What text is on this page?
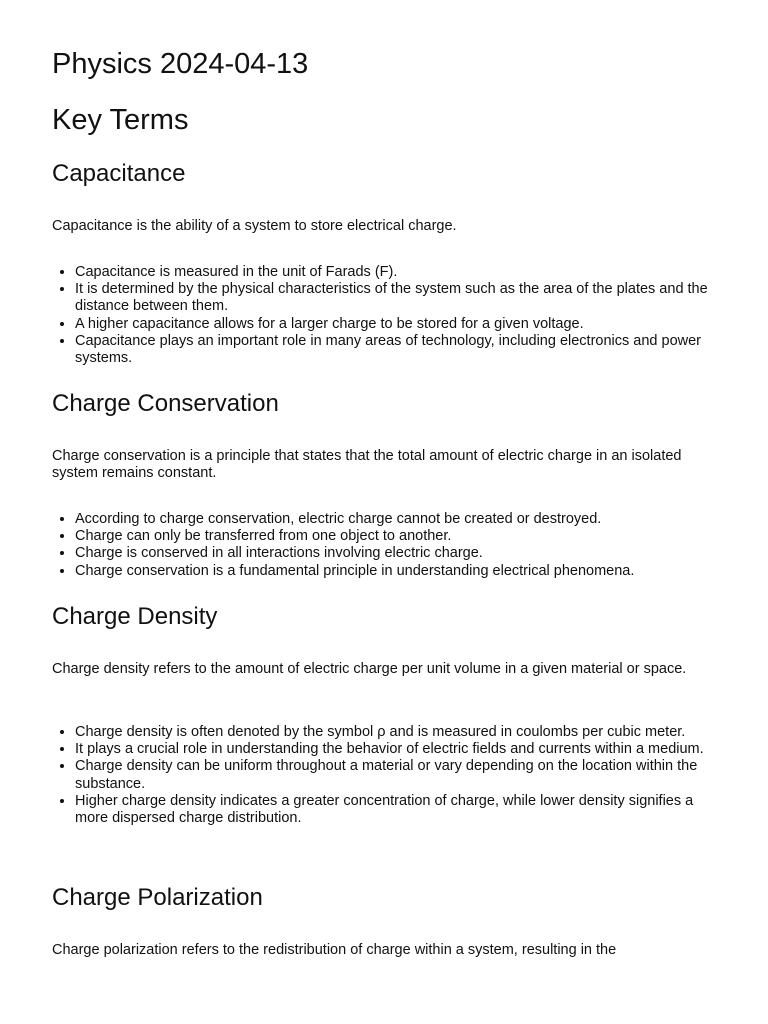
Physics 2024-04-13
Key Terms
Capacitance

Capacitance is the ability of a system to store electrical charge.

• Capacitance is measured in the unit of Farads (F).
• It is determined by the physical characteristics of the system such as the area of the plates and the distance between them.
• A higher capacitance allows for a larger charge to be stored for a given voltage.
• Capacitance plays an important role in many areas of technology, including electronics and power systems.
Charge Conservation

Charge conservation is a principle that states that the total amount of electric charge in an isolated system remains constant.

• According to charge conservation, electric charge cannot be created or destroyed.
• Charge can only be transferred from one object to another.
• Charge is conserved in all interactions involving electric charge.
• Charge conservation is a fundamental principle in understanding electrical phenomena.
Charge Density

Charge density refers to the amount of electric charge per unit volume in a given material or space.

• Charge density is often denoted by the symbol ρ and is measured in coulombs per cubic meter.
• It plays a crucial role in understanding the behavior of electric fields and currents within a medium.
• Charge density can be uniform throughout a material or vary depending on the location within the substance.
• Higher charge density indicates a greater concentration of charge, while lower density signifies a more dispersed charge distribution.
Charge Polarization

Charge polarization refers to the redistribution of charge within a system, resulting in the
